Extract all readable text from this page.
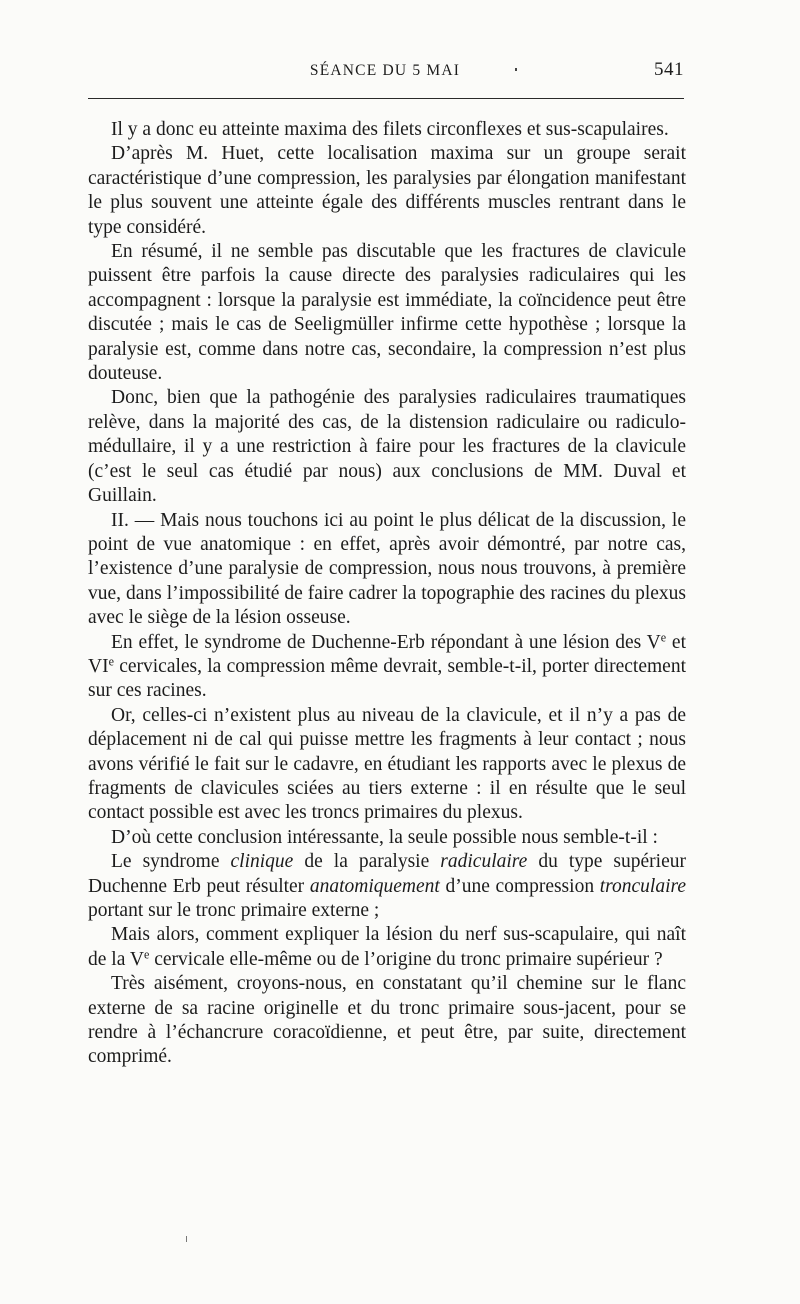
SÉANCE DU 5 MAI	541

Il y a donc eu atteinte maxima des filets circonflexes et sus-scapulaires.

D’après M. Huet, cette localisation maxima sur un groupe serait caractéristique d’une compression, les paralysies par élongation manifestant le plus souvent une atteinte égale des différents muscles rentrant dans le type considéré.

En résumé, il ne semble pas discutable que les fractures de clavicule puissent être parfois la cause directe des paralysies radiculaires qui les accompagnent : lorsque la paralysie est immédiate, la coïncidence peut être discutée ; mais le cas de Seeligmüller infirme cette hypothèse ; lorsque la paralysie est, comme dans notre cas, secondaire, la compression n’est plus douteuse.

Donc, bien que la pathogénie des paralysies radiculaires traumatiques relève, dans la majorité des cas, de la distension radiculaire ou radiculo-médullaire, il y a une restriction à faire pour les fractures de la clavicule (c’est le seul cas étudié par nous) aux conclusions de MM. Duval et Guillain.

II. — Mais nous touchons ici au point le plus délicat de la discussion, le point de vue anatomique : en effet, après avoir démontré, par notre cas, l’existence d’une paralysie de compression, nous nous trouvons, à première vue, dans l’impossibilité de faire cadrer la topographie des racines du plexus avec le siège de la lésion osseuse.

En effet, le syndrome de Duchenne-Erb répondant à une lésion des Ve et VIe cervicales, la compression même devrait, semble-t-il, porter directement sur ces racines.

Or, celles-ci n’existent plus au niveau de la clavicule, et il n’y a pas de déplacement ni de cal qui puisse mettre les fragments à leur contact ; nous avons vérifié le fait sur le cadavre, en étudiant les rapports avec le plexus de fragments de clavicules sciées au tiers externe : il en résulte que le seul contact possible est avec les troncs primaires du plexus.

D’où cette conclusion intéressante, la seule possible nous semble-t-il :

Le syndrome clinique de la paralysie radiculaire du type supérieur Duchenne Erb peut résulter anatomiquement d’une compression tronculaire portant sur le tronc primaire externe ;

Mais alors, comment expliquer la lésion du nerf sus-scapulaire, qui naît de la Ve cervicale elle-même ou de l’origine du tronc primaire supérieur ?

Très aisément, croyons-nous, en constatant qu’il chemine sur le flanc externe de sa racine originelle et du tronc primaire sous-jacent, pour se rendre à l’échancrure coracoïdienne, et peut être, par suite, directement comprimé.
